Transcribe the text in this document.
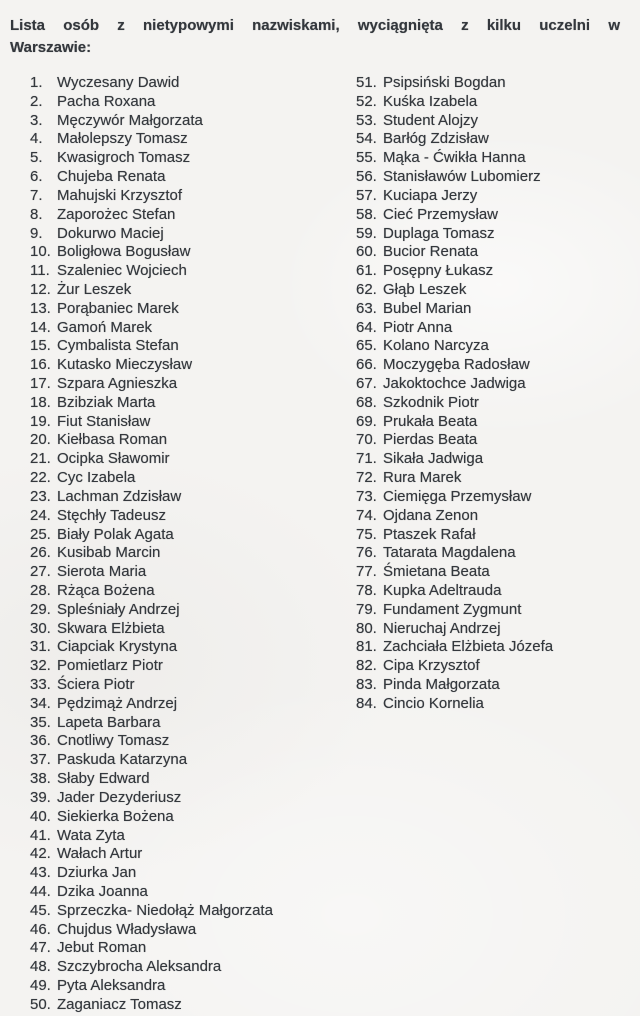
Lista osób z nietypowymi nazwiskami, wyciągnięta z kilku uczelni w
Warszawie:
1. Wyczesany Dawid
2. Pacha Roxana
3. Męczywór Małgorzata
4. Małolepszy Tomasz
5. Kwasigroch Tomasz
6. Chujeba Renata
7. Mahujski Krzysztof
8. Zaporożec Stefan
9. Dokurwo Maciej
10. Boligłowa Bogusław
11. Szaleniec Wojciech
12. Żur Leszek
13. Porąbaniec Marek
14. Gamoń Marek
15. Cymbalista Stefan
16. Kutasko Mieczysław
17. Szpara Agnieszka
18. Bzibziak Marta
19. Fiut Stanisław
20. Kiełbasa Roman
21. Ocipka Sławomir
22. Cyc Izabela
23. Lachman Zdzisław
24. Stęchły Tadeusz
25. Biały Polak Agata
26. Kusibab Marcin
27. Sierota Maria
28. Rżąca Bożena
29. Spleśniały Andrzej
30. Skwara Elżbieta
31. Ciapciak Krystyna
32. Pomietlarz Piotr
33. Ściera Piotr
34. Pędzimąż Andrzej
35. Lapeta Barbara
36. Cnotliwy Tomasz
37. Paskuda Katarzyna
38. Słaby Edward
39. Jader Dezyderiusz
40. Siekierka Bożena
41. Wata Zyta
42. Wałach Artur
43. Dziurka Jan
44. Dzika Joanna
45. Sprzeczka- Niedołąż Małgorzata
46. Chujdus Władysława
47. Jebut Roman
48. Szczybrocha Aleksandra
49. Pyta Aleksandra
50. Zaganiacz Tomasz
51. Psipsiński Bogdan
52. Kuśka Izabela
53. Student Alojzy
54. Barłóg Zdzisław
55. Mąka - Ćwikła Hanna
56. Stanisławów Lubomierz
57. Kuciapa Jerzy
58. Cieć Przemysław
59. Duplaga Tomasz
60. Bucior Renata
61. Posępny Łukasz
62. Głąb Leszek
63. Bubel Marian
64. Piotr Anna
65. Kolano Narcyza
66. Moczygęba Radosław
67. Jakoktochce Jadwiga
68. Szkodnik Piotr
69. Prukała Beata
70. Pierdas Beata
71. Sikała Jadwiga
72. Rura Marek
73. Ciemięga Przemysław
74. Ojdana Zenon
75. Ptaszek Rafał
76. Tatarata Magdalena
77. Śmietana Beata
78. Kupka Adeltrauda
79. Fundament Zygmunt
80. Nieruchaj Andrzej
81. Zachciała Elżbieta Józefa
82. Cipa Krzysztof
83. Pinda Małgorzata
84. Cincio Kornelia
